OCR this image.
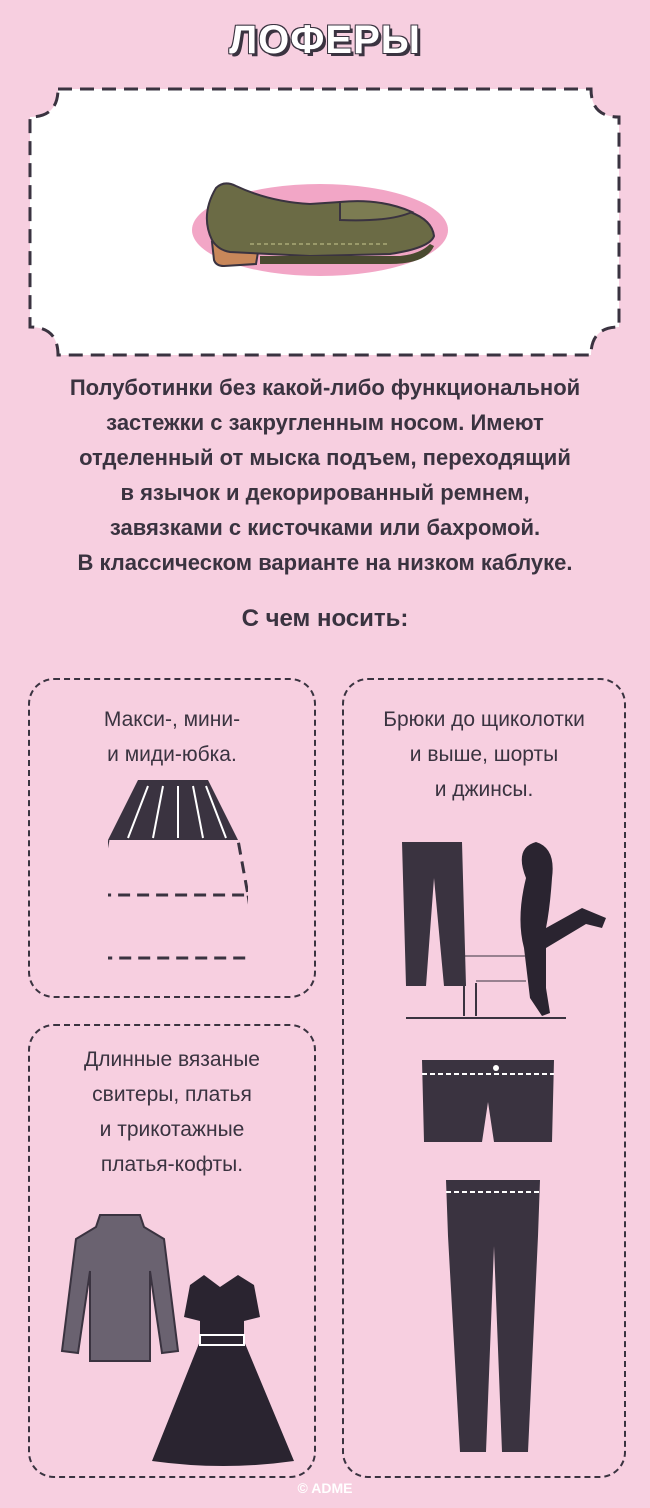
ЛОФЕРЫ
ADME	ADME	ADME
ADME	ADME
Полуботинки без какой-либо функциональной
застежки с закругленным носом. Имеют
отделенный от мыска подъем, переходящий
в язычок и декорированный ремнем,
завязками с кисточками или бахромой.
В классическом варианте на низком каблуке.
С чем носить:
Макси-, мини-
и миди-юбка.
Брюки до щиколотки
и выше, шорты
и джинсы.
Длинные вязаные
свитеры, платья
и трикотажные
платья-кофты.
© ADME
